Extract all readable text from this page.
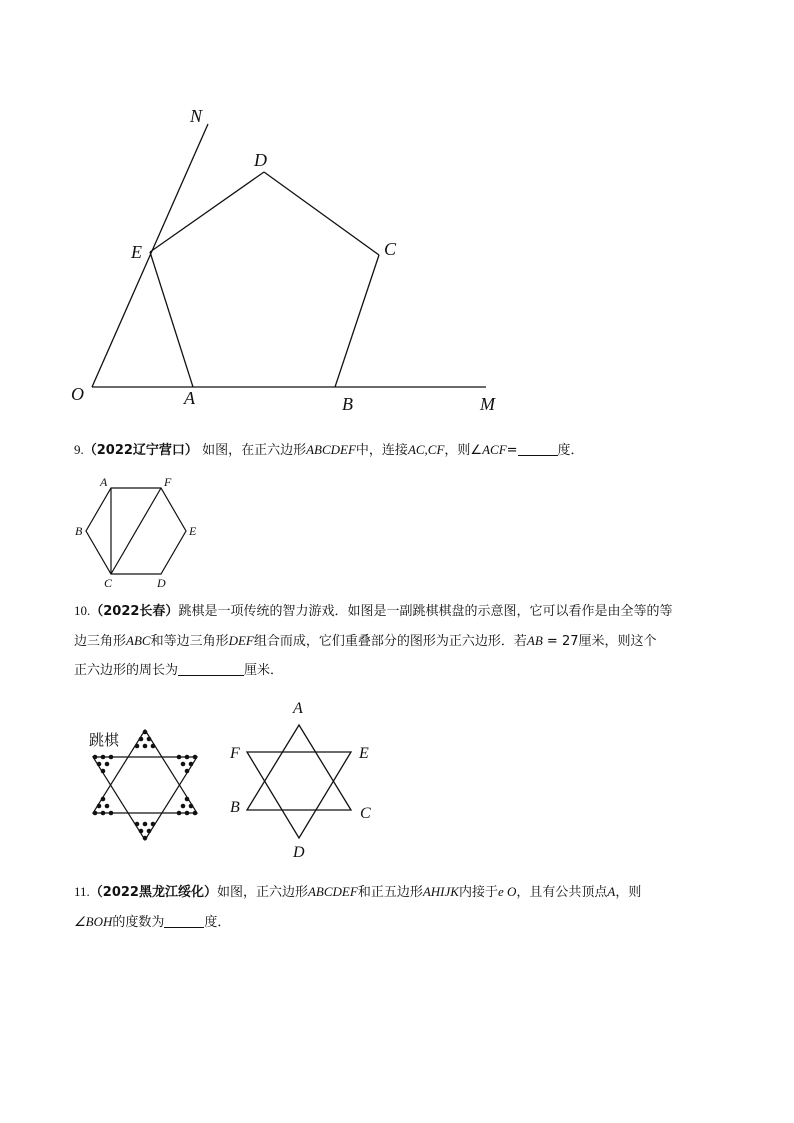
N
D
E	C
O	A	B	M
9.（2022辽宁营口） 如图，在正六边形ABCDEF中，连接AC,CF，则∠ACF=	度．
A	F
B	E
C	D
10.（2022长春）跳棋是一项传统的智力游戏．如图是一副跳棋棋盘的示意图，它可以看作是由全等的等
边三角形ABC和等边三角形DEF组合而成，它们重叠部分的图形为正六边形．若AB = 27厘米，则这个
正六边形的周长为	厘米．
跳棋
A
F	E
B	C
D
11.（2022黑龙江绥化）如图，正六边形ABCDEF和正五边形AHIJK内接于e O，且有公共顶点A，则
∠BOH的度数为	度．
